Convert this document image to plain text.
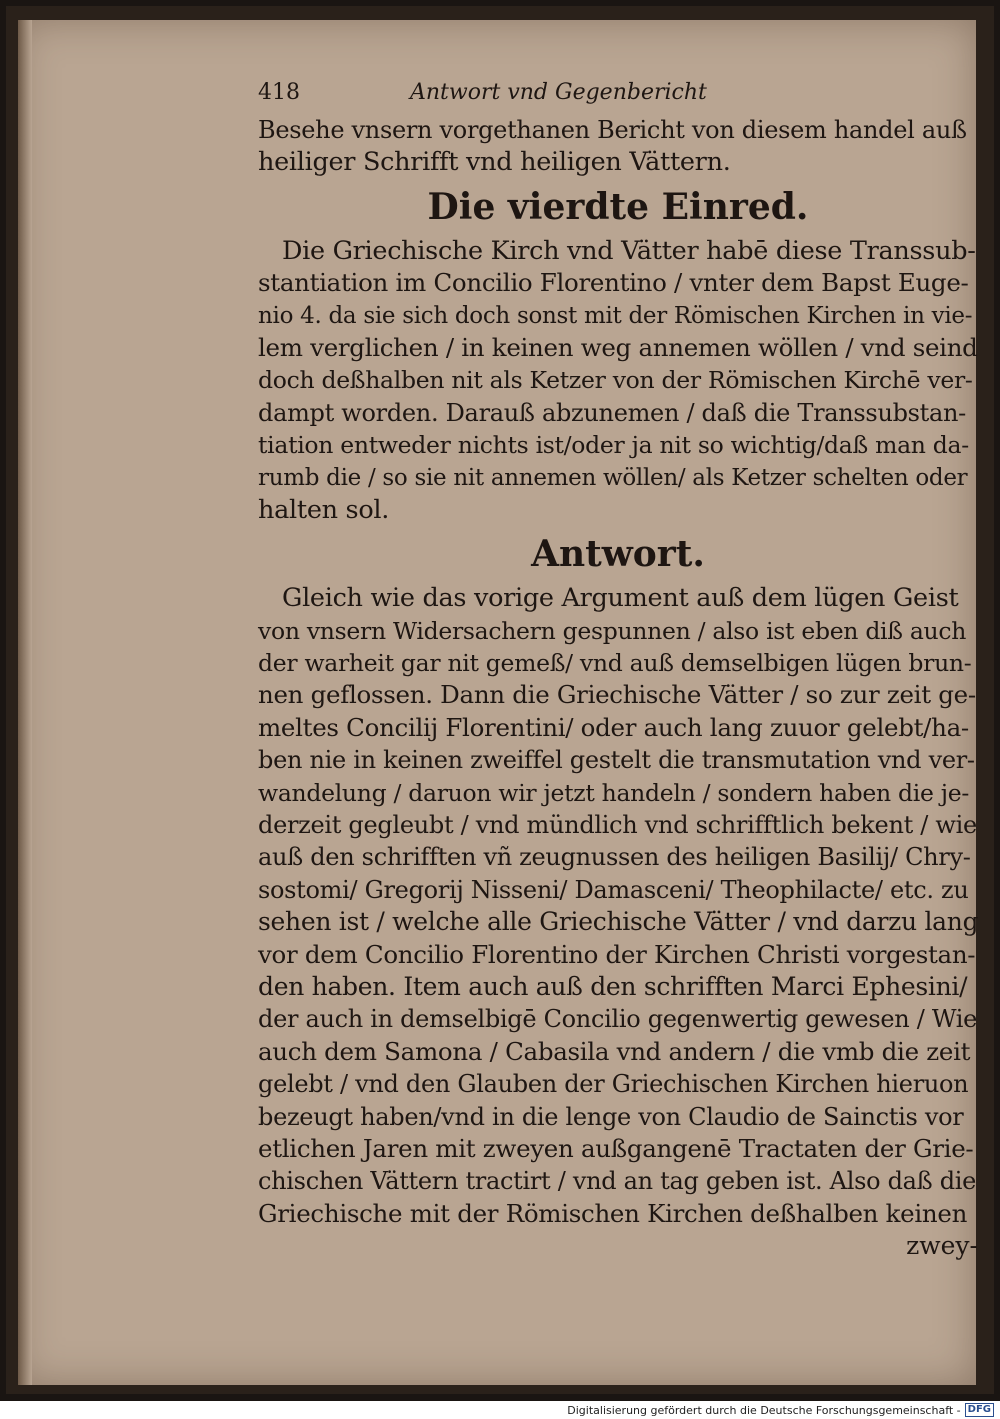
418	Antwort vnd Gegenbericht
Besehe vnsern vorgethanen Bericht von diesem handel auß
heiliger Schrifft vnd heiligen Vättern.
Die vierdte Einred.
Die Griechische Kirch vnd Vätter habē diese Transsub-
stantiation im Concilio Florentino / vnter dem Bapst Euge-
nio 4. da sie sich doch sonst mit der Römischen Kirchen in vie-
lem verglichen / in keinen weg annemen wöllen / vnd seind
doch deßhalben nit als Ketzer von der Römischen Kirchē ver-
dampt worden. Darauß abzunemen / daß die Transsubstan-
tiation entweder nichts ist/oder ja nit so wichtig/daß man da-
rumb die / so sie nit annemen wöllen/ als Ketzer schelten oder
halten sol.
Antwort.
Gleich wie das vorige Argument auß dem lügen Geist
von vnsern Widersachern gespunnen / also ist eben diß auch
der warheit gar nit gemeß/ vnd auß demselbigen lügen brun-
nen geflossen. Dann die Griechische Vätter / so zur zeit ge-
meltes Concilij Florentini/ oder auch lang zuuor gelebt/ha-
ben nie in keinen zweiffel gestelt die transmutation vnd ver-
wandelung / daruon wir jetzt handeln / sondern haben die je-
derzeit gegleubt / vnd mündlich vnd schrifftlich bekent / wie
auß den schrifften vñ zeugnussen des heiligen Basilij/ Chry-
sostomi/ Gregorij Nisseni/ Damasceni/ Theophilacte/ etc. zu
sehen ist / welche alle Griechische Vätter / vnd darzu lang
vor dem Concilio Florentino der Kirchen Christi vorgestan-
den haben. Item auch auß den schrifften Marci Ephesini/
der auch in demselbigē Concilio gegenwertig gewesen / Wie
auch dem Samona / Cabasila vnd andern / die vmb die zeit
gelebt / vnd den Glauben der Griechischen Kirchen hieruon
bezeugt haben/vnd in die lenge von Claudio de Sainctis vor
etlichen Jaren mit zweyen außgangenē Tractaten der Grie-
chischen Vättern tractirt / vnd an tag geben ist. Also daß die
Griechische mit der Römischen Kirchen deßhalben keinen
zwey-
Digitalisierung gefördert durch die Deutsche Forschungsgemeinschaft - DFG
